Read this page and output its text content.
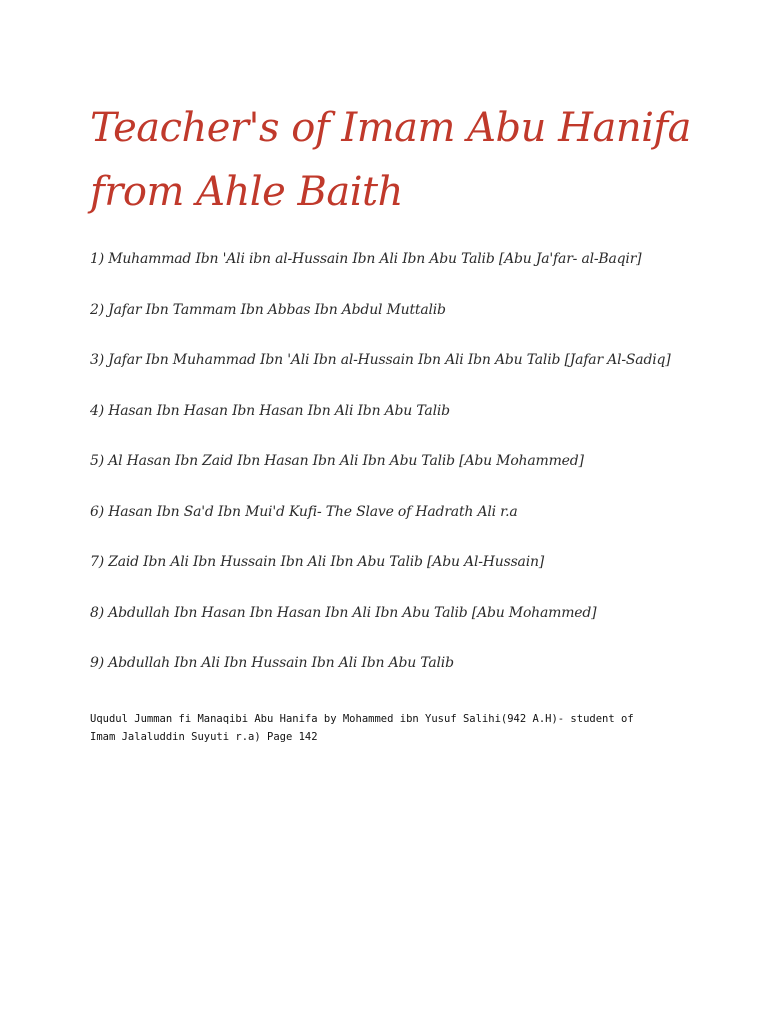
Teacher's of Imam Abu Hanifa from Ahle Baith
1) Muhammad Ibn 'Ali ibn al-Hussain Ibn Ali Ibn Abu Talib [Abu Ja'far- al-Baqir]
2) Jafar Ibn Tammam Ibn Abbas Ibn Abdul Muttalib
3) Jafar Ibn Muhammad Ibn 'Ali Ibn al-Hussain Ibn Ali Ibn Abu Talib [Jafar Al-Sadiq]
4) Hasan Ibn Hasan Ibn Hasan Ibn Ali Ibn Abu Talib
5) Al Hasan Ibn Zaid Ibn Hasan Ibn Ali Ibn Abu Talib [Abu Mohammed]
6) Hasan Ibn Sa'd Ibn Mui'd Kufi- The Slave of Hadrath Ali r.a
7) Zaid Ibn Ali Ibn Hussain Ibn Ali Ibn Abu Talib [Abu Al-Hussain]
8) Abdullah Ibn Hasan Ibn Hasan Ibn Ali Ibn Abu Talib [Abu Mohammed]
9) Abdullah Ibn Ali Ibn Hussain Ibn Ali Ibn Abu Talib

Uqudul Jumman fi Manaqibi Abu Hanifa by Mohammed ibn Yusuf Salihi(942 A.H)- student of
Imam Jalaluddin Suyuti r.a) Page 142
